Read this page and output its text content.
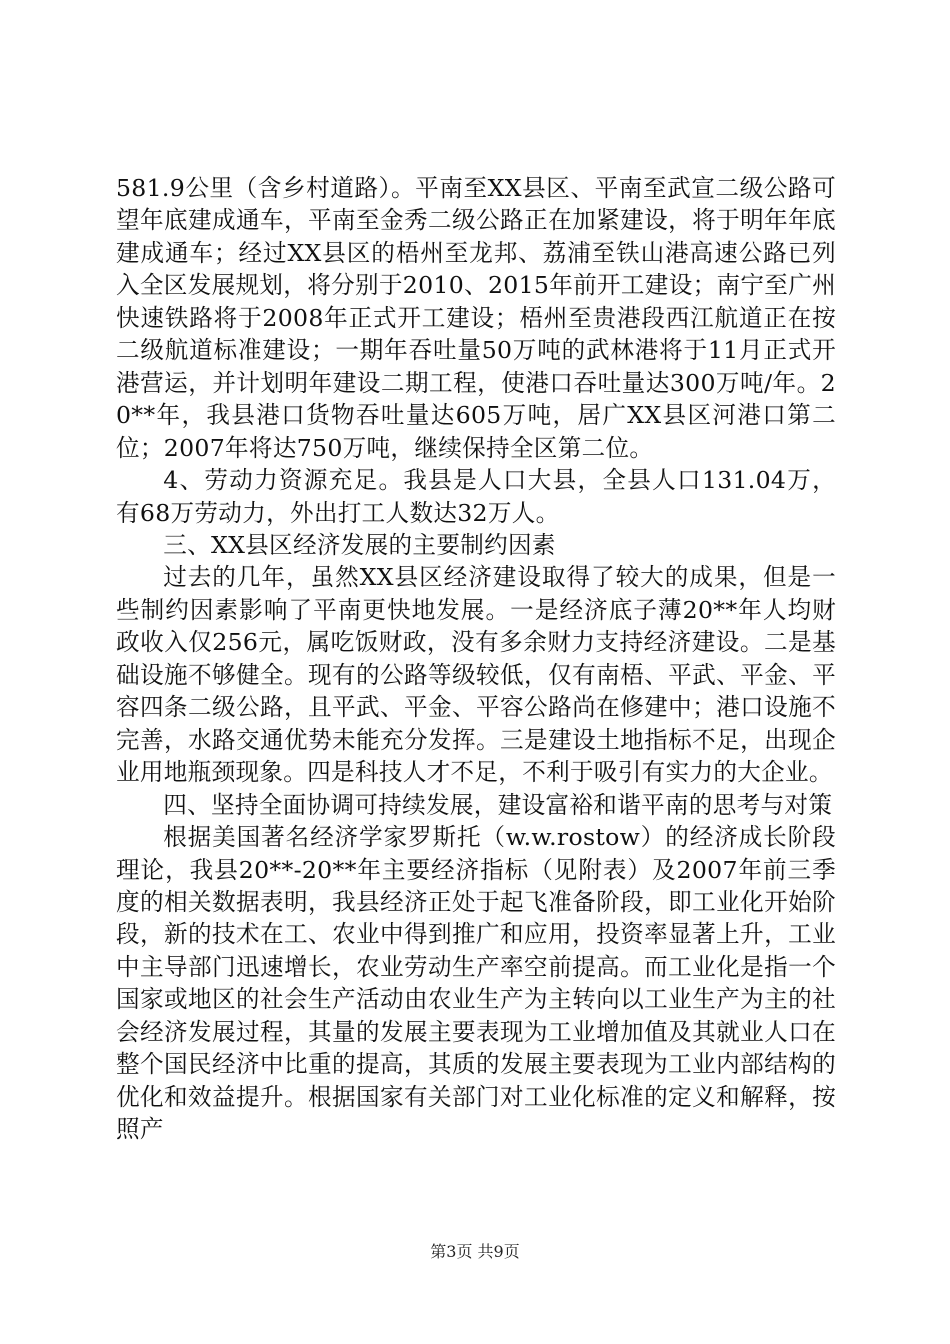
581.9公里（含乡村道路）。平南至XX县区、平南至武宣二级公路可望年底建成通车，平南至金秀二级公路正在加紧建设，将于明年年底建成通车；经过XX县区的梧州至龙邦、荔浦至铁山港高速公路已列入全区发展规划，将分别于2010、2015年前开工建设；南宁至广州快速铁路将于2008年正式开工建设；梧州至贵港段西江航道正在按二级航道标准建设；一期年吞吐量50万吨的武林港将于11月正式开港营运，并计划明年建设二期工程，使港口吞吐量达300万吨/年。20**年，我县港口货物吞吐量达605万吨，居广XX县区河港口第二位；2007年将达750万吨，继续保持全区第二位。

4、劳动力资源充足。我县是人口大县，全县人口131.04万，有68万劳动力，外出打工人数达32万人。

三、XX县区经济发展的主要制约因素

过去的几年，虽然XX县区经济建设取得了较大的成果，但是一些制约因素影响了平南更快地发展。一是经济底子薄20**年人均财政收入仅256元，属吃饭财政，没有多余财力支持经济建设。二是基础设施不够健全。现有的公路等级较低，仅有南梧、平武、平金、平容四条二级公路，且平武、平金、平容公路尚在修建中；港口设施不完善，水路交通优势未能充分发挥。三是建设土地指标不足，出现企业用地瓶颈现象。四是科技人才不足，不利于吸引有实力的大企业。

四、坚持全面协调可持续发展，建设富裕和谐平南的思考与对策

根据美国著名经济学家罗斯托（w.w.rostow）的经济成长阶段理论，我县20**-20**年主要经济指标（见附表）及2007年前三季度的相关数据表明，我县经济正处于起飞准备阶段，即工业化开始阶段，新的技术在工、农业中得到推广和应用，投资率显著上升，工业中主导部门迅速增长，农业劳动生产率空前提高。而工业化是指一个国家或地区的社会生产活动由农业生产为主转向以工业生产为主的社会经济发展过程，其量的发展主要表现为工业增加值及其就业人口在整个国民经济中比重的提高，其质的发展主要表现为工业内部结构的优化和效益提升。根据国家有关部门对工业化标准的定义和解释，按照产

第3页 共9页
